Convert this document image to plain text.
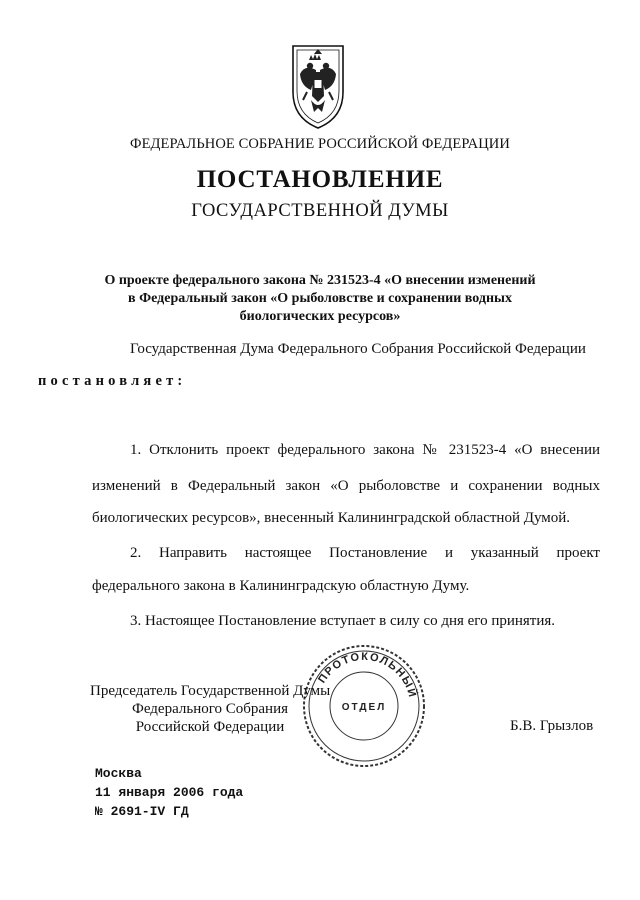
ФЕДЕРАЛЬНОЕ СОБРАНИЕ РОССИЙСКОЙ ФЕДЕРАЦИИ
ПОСТАНОВЛЕНИЕ
ГОСУДАРСТВЕННОЙ ДУМЫ
О проекте федерального закона № 231523-4 «О внесении изменений
в Федеральный закон «О рыболовстве и сохранении водных
биологических ресурсов»
Государственная Дума Федерального Собрания Российской Федерации
постановляет:
1. Отклонить проект федерального закона № 231523-4 «О внесении
изменений в Федеральный закон «О рыболовстве и сохранении водных
биологических ресурсов», внесенный Калининградской областной Думой.
2. Направить настоящее Постановление и указанный проект
федерального закона в Калининградскую областную Думу.
3. Настоящее Постановление вступает в силу со дня его принятия.
ПРОТОКОЛЬНЫЙ
ОТДЕЛ
Председатель Государственной Думы
Федерального Собрания
Российской Федерации	Б.В. Грызлов
Москва
11 января 2006 года
№ 2691-IV ГД
